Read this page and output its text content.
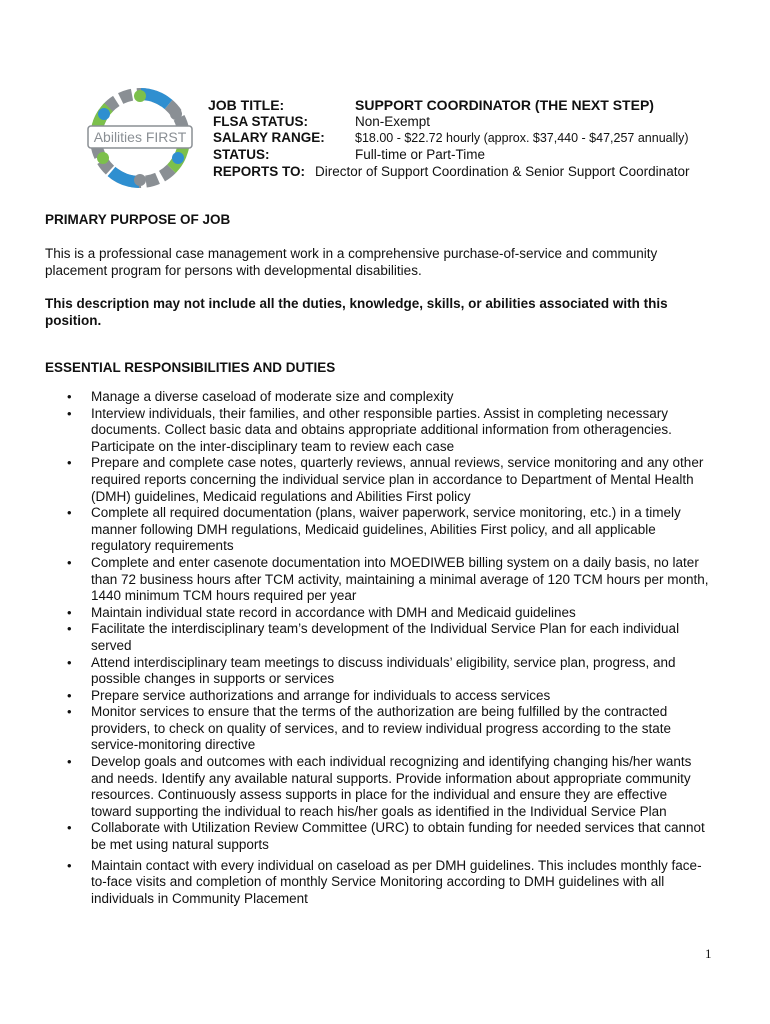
Abilities FIRST
JOB TITLE:	SUPPORT COORDINATOR (THE NEXT STEP)
FLSA STATUS:	Non-Exempt
SALARY RANGE: $18.00 - $22.72 hourly (approx. $37,440 - $47,257 annually)
STATUS:	Full-time or Part-Time
REPORTS TO: Director of Support Coordination & Senior Support Coordinator
PRIMARY PURPOSE OF JOB

This is a professional case management work in a comprehensive purchase-of-service and community placement program for persons with developmental disabilities.

This description may not include all the duties, knowledge, skills, or abilities associated with this position.

ESSENTIAL RESPONSIBILITIES AND DUTIES
• Manage a diverse caseload of moderate size and complexity
• Interview individuals, their families, and other responsible parties. Assist in completing necessary documents. Collect basic data and obtains appropriate additional information from otheragencies. Participate on the inter-disciplinary team to review each case
• Prepare and complete case notes, quarterly reviews, annual reviews, service monitoring and any other required reports concerning the individual service plan in accordance to Department of Mental Health (DMH) guidelines, Medicaid regulations and Abilities First policy
• Complete all required documentation (plans, waiver paperwork, service monitoring, etc.) in a timely manner following DMH regulations, Medicaid guidelines, Abilities First policy, and all applicable regulatory requirements
• Complete and enter casenote documentation into MOEDIWEB billing system on a daily basis, no later than 72 business hours after TCM activity, maintaining a minimal average of 120 TCM hours per month, 1440 minimum TCM hours required per year
• Maintain individual state record in accordance with DMH and Medicaid guidelines
• Facilitate the interdisciplinary team’s development of the Individual Service Plan for each individual served
• Attend interdisciplinary team meetings to discuss individuals’ eligibility, service plan, progress, and possible changes in supports or services
• Prepare service authorizations and arrange for individuals to access services
• Monitor services to ensure that the terms of the authorization are being fulfilled by the contracted providers, to check on quality of services, and to review individual progress according to the state service-monitoring directive
• Develop goals and outcomes with each individual recognizing and identifying changing his/her wants and needs. Identify any available natural supports. Provide information about appropriate community resources. Continuously assess supports in place for the individual and ensure they are effective toward supporting the individual to reach his/her goals as identified in the Individual Service Plan
• Collaborate with Utilization Review Committee (URC) to obtain funding for needed services that cannot be met using natural supports
• Maintain contact with every individual on caseload as per DMH guidelines. This includes monthly face-to-face visits and completion of monthly Service Monitoring according to DMH guidelines with all individuals in Community Placement
1
